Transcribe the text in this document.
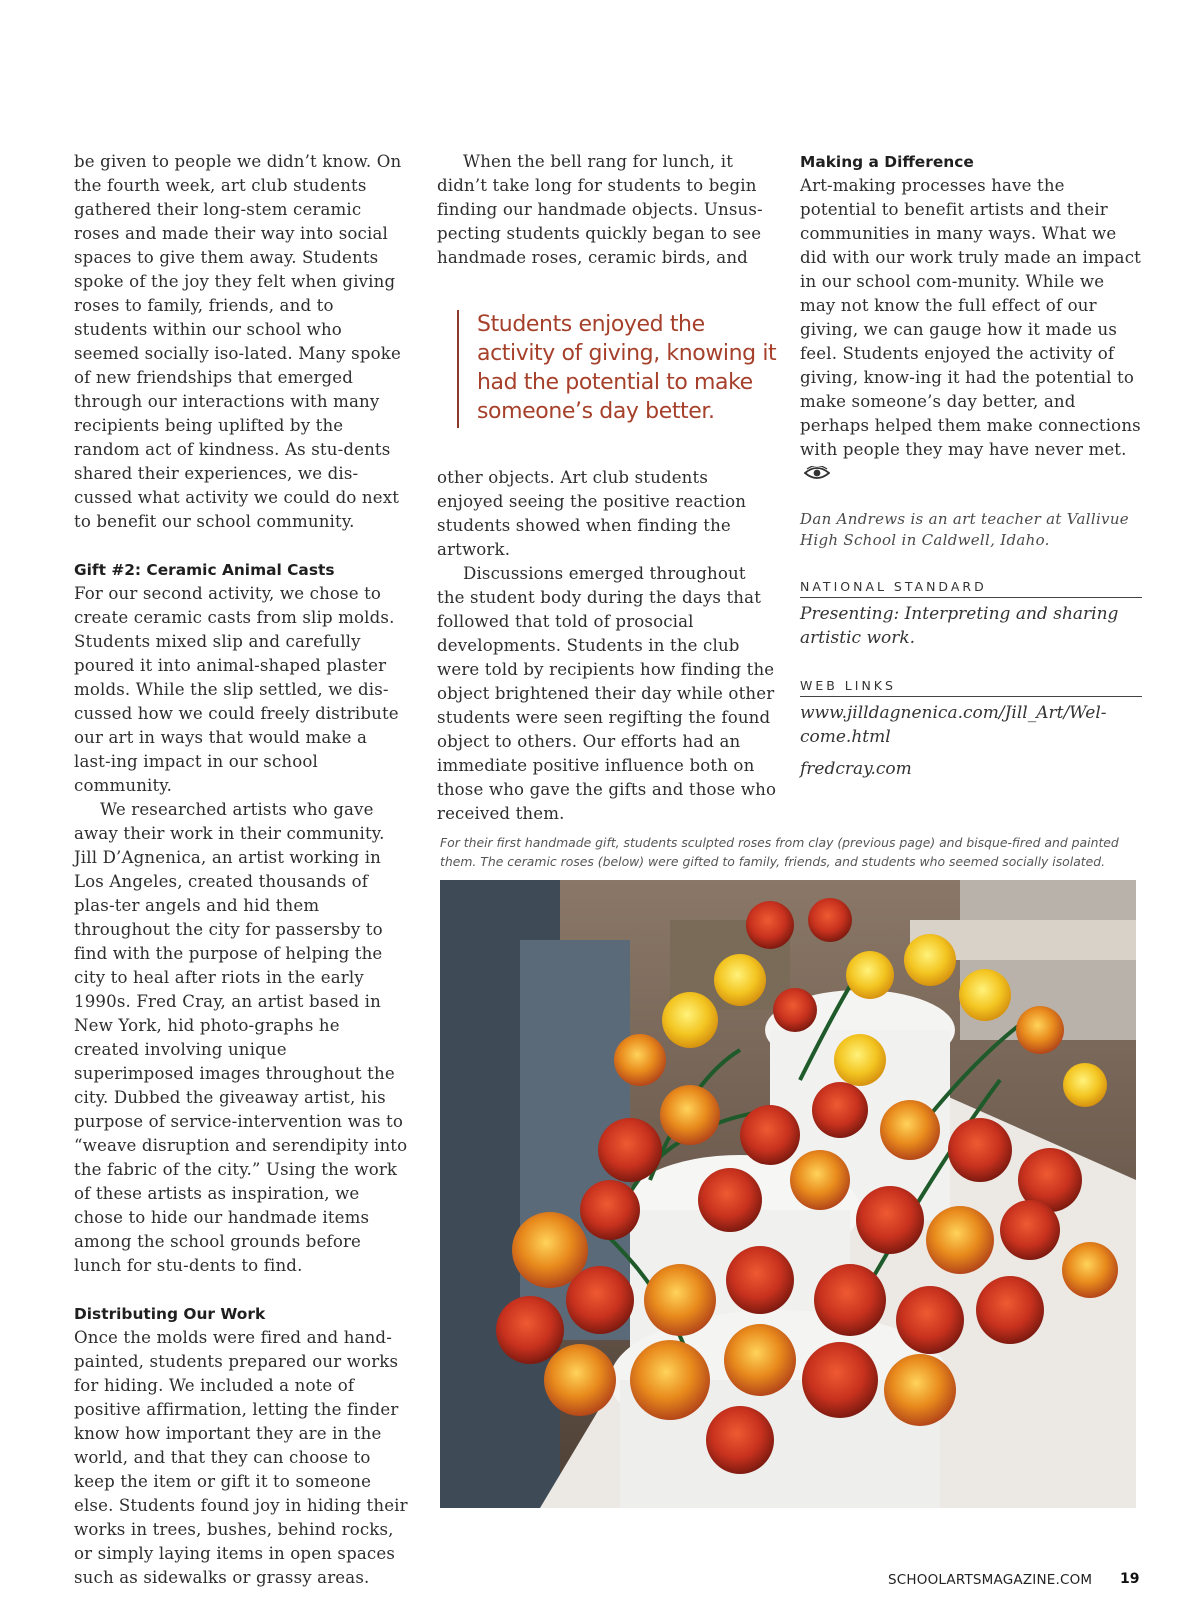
be given to people we didn’t know. On the fourth week, art club students gathered their long-stem ceramic roses and made their way into social spaces to give them away. Students spoke of the joy they felt when giving roses to family, friends, and to students within our school who seemed socially iso-lated. Many spoke of new friendships that emerged through our interactions with many recipients being uplifted by the random act of kindness. As stu-dents shared their experiences, we dis-cussed what activity we could do next to benefit our school community.

Gift #2: Ceramic Animal Casts

For our second activity, we chose to create ceramic casts from slip molds. Students mixed slip and carefully poured it into animal-shaped plaster molds. While the slip settled, we dis-cussed how we could freely distribute our art in ways that would make a last-ing impact in our school community.

We researched artists who gave away their work in their community. Jill D’Agnenica, an artist working in Los Angeles, created thousands of plas-ter angels and hid them throughout the city for passersby to find with the purpose of helping the city to heal after riots in the early 1990s. Fred Cray, an artist based in New York, hid photo-graphs he created involving unique superimposed images throughout the city. Dubbed the giveaway artist, his purpose of service-intervention was to “weave disruption and serendipity into the fabric of the city.” Using the work of these artists as inspiration, we chose to hide our handmade items among the school grounds before lunch for stu-dents to find.

Distributing Our Work

Once the molds were fired and hand-painted, students prepared our works for hiding. We included a note of positive affirmation, letting the finder know how important they are in the world, and that they can choose to keep the item or gift it to someone else. Students found joy in hiding their works in trees, bushes, behind rocks, or simply laying items in open spaces such as sidewalks or grassy areas.

When the bell rang for lunch, it didn’t take long for students to begin finding our handmade objects. Unsus-pecting students quickly began to see handmade roses, ceramic birds, and

Students enjoyed the activity of giving, knowing it had the potential to make someone’s day better.

other objects. Art club students enjoyed seeing the positive reaction students showed when finding the artwork.

Discussions emerged throughout the student body during the days that followed that told of prosocial developments. Students in the club were told by recipients how finding the object brightened their day while other students were seen regifting the found object to others. Our efforts had an immediate positive influence both on those who gave the gifts and those who received them.

Making a Difference

Art-making processes have the potential to benefit artists and their communities in many ways. What we did with our work truly made an impact in our school com-munity. While we may not know the full effect of our giving, we can gauge how it made us feel. Students enjoyed the activity of giving, know-ing it had the potential to make someone’s day better, and perhaps helped them make connections with people they may have never met.

Dan Andrews is an art teacher at Vallivue High School in Caldwell, Idaho.

NATIONAL STANDARD

Presenting: Interpreting and sharing artistic work.

WEB LINKS

www.jilldagnenica.com/Jill_Art/Wel-come.html

fredcray.com

For their first handmade gift, students sculpted roses from clay (previous page) and bisque-fired and painted them. The ceramic roses (below) were gifted to family, friends, and students who seemed socially isolated.
SCHOOLARTSMAGAZINE.COM 19
